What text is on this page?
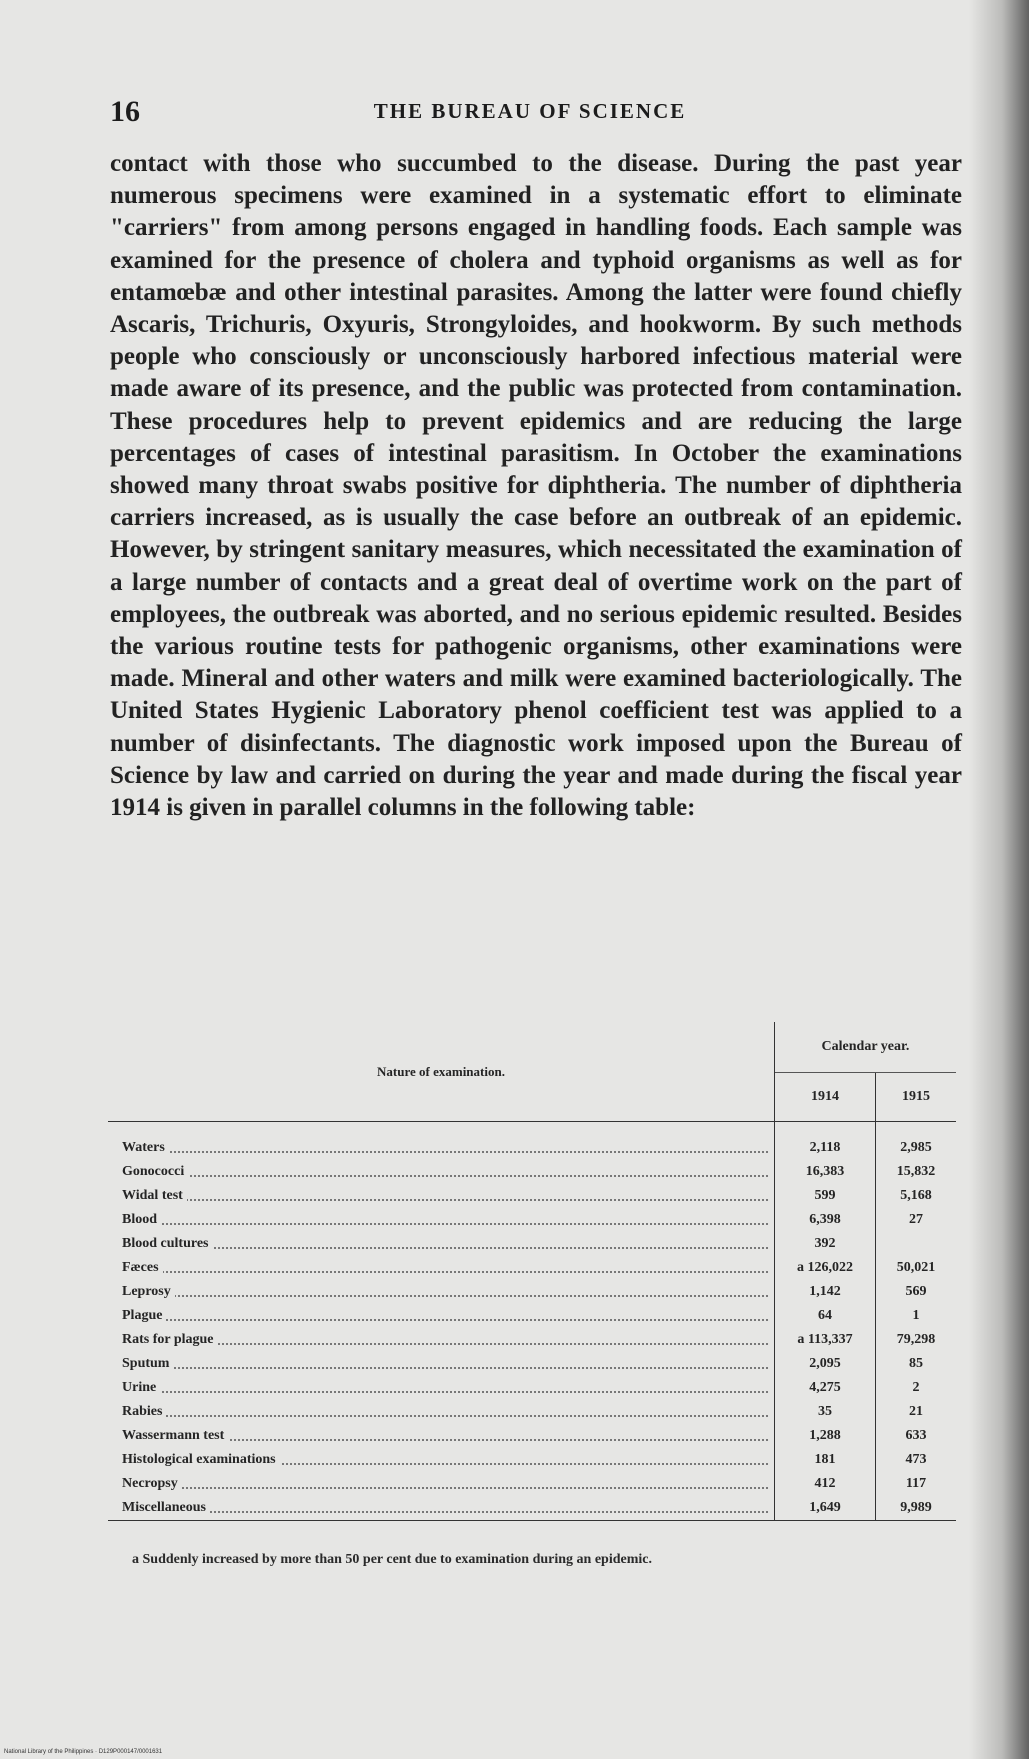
16	THE BUREAU OF SCIENCE

contact with those who succumbed to the disease. During the past year numerous specimens were examined in a systematic effort to eliminate "carriers" from among persons engaged in handling foods. Each sample was examined for the presence of cholera and typhoid organisms as well as for entamœbæ and other intestinal parasites. Among the latter were found chiefly Ascaris, Trichuris, Oxyuris, Strongyloides, and hookworm. By such methods people who consciously or unconsciously harbored infectious material were made aware of its presence, and the public was protected from contamination. These procedures help to prevent epidemics and are reducing the large percentages of cases of intestinal parasitism. In October the examinations showed many throat swabs positive for diphtheria. The number of diphtheria carriers increased, as is usually the case before an outbreak of an epidemic. However, by stringent sanitary measures, which necessitated the examination of a large number of contacts and a great deal of overtime work on the part of employees, the outbreak was aborted, and no serious epidemic resulted. Besides the various routine tests for pathogenic organisms, other examinations were made. Mineral and other waters and milk were examined bacteriologically. The United States Hygienic Laboratory phenol coefficient test was applied to a number of disinfectants. The diagnostic work imposed upon the Bureau of Science by law and carried on during the year and made during the fiscal year 1914 is given in parallel columns in the following table:

Nature of examination.	Calendar year.	
	1914	1915

Waters	2,118	2,985

Gonococci	16,383	15,832

Widal test	599	5,168

Blood	6,398	27

Blood cultures	392	

Fæces	a 126,022	50,021

Leprosy	1,142	569

Plague	64	1

Rats for plague	a 113,337	79,298

Sputum	2,095	85

Urine	4,275	2

Rabies	35	21

Wassermann test	1,288	633

Histological examinations	181	473

Necropsy	412	117

Miscellaneous	1,649	9,989
a Suddenly increased by more than 50 per cent due to examination during an epidemic.
National Library of the Philippines · D129P000147/0001631
